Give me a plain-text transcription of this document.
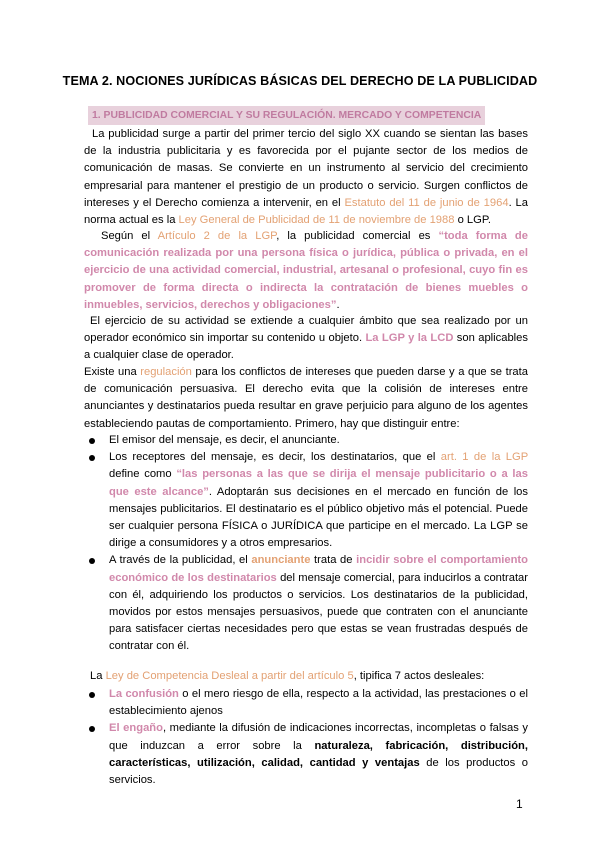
TEMA 2. NOCIONES JURÍDICAS BÁSICAS DEL DERECHO DE LA PUBLICIDAD
1. PUBLICIDAD COMERCIAL Y SU REGULACIÓN. MERCADO Y COMPETENCIA
La publicidad surge a partir del primer tercio del siglo XX cuando se sientan las bases de la industria publicitaria y es favorecida por el pujante sector de los medios de comunicación de masas. Se convierte en un instrumento al servicio del crecimiento empresarial para mantener el prestigio de un producto o servicio. Surgen conflictos de intereses y el Derecho comienza a intervenir, en el Estatuto del 11 de junio de 1964. La norma actual es la Ley General de Publicidad de 11 de noviembre de 1988 o LGP.
Según el Artículo 2 de la LGP, la publicidad comercial es “toda forma de comunicación realizada por una persona física o jurídica, pública o privada, en el ejercicio de una actividad comercial, industrial, artesanal o profesional, cuyo fin es promover de forma directa o indirecta la contratación de bienes muebles o inmuebles, servicios, derechos y obligaciones”.
El ejercicio de su actividad se extiende a cualquier ámbito que sea realizado por un operador económico sin importar su contenido u objeto. La LGP y la LCD son aplicables a cualquier clase de operador.
Existe una regulación para los conflictos de intereses que pueden darse y a que se trata de comunicación persuasiva. El derecho evita que la colisión de intereses entre anunciantes y destinatarios pueda resultar en grave perjuicio para alguno de los agentes estableciendo pautas de comportamiento. Primero, hay que distinguir entre:
El emisor del mensaje, es decir, el anunciante.
Los receptores del mensaje, es decir, los destinatarios, que el art. 1 de la LGP define como “las personas a las que se dirija el mensaje publicitario o a las que este alcance”. Adoptarán sus decisiones en el mercado en función de los mensajes publicitarios. El destinatario es el público objetivo más el potencial. Puede ser cualquier persona FÍSICA o JURÍDICA que participe en el mercado. La LGP se dirige a consumidores y a otros empresarios.
A través de la publicidad, el anunciante trata de incidir sobre el comportamiento económico de los destinatarios del mensaje comercial, para inducirlos a contratar con él, adquiriendo los productos o servicios. Los destinatarios de la publicidad, movidos por estos mensajes persuasivos, puede que contraten con el anunciante para satisfacer ciertas necesidades pero que estas se vean frustradas después de contratar con él.
La Ley de Competencia Desleal a partir del artículo 5, tipifica 7 actos desleales:
La confusión o el mero riesgo de ella, respecto a la actividad, las prestaciones o el establecimiento ajenos
El engaño, mediante la difusión de indicaciones incorrectas, incompletas o falsas y que induzcan a error sobre la naturaleza, fabricación, distribución, características, utilización, calidad, cantidad y ventajas de los productos o servicios.
1
